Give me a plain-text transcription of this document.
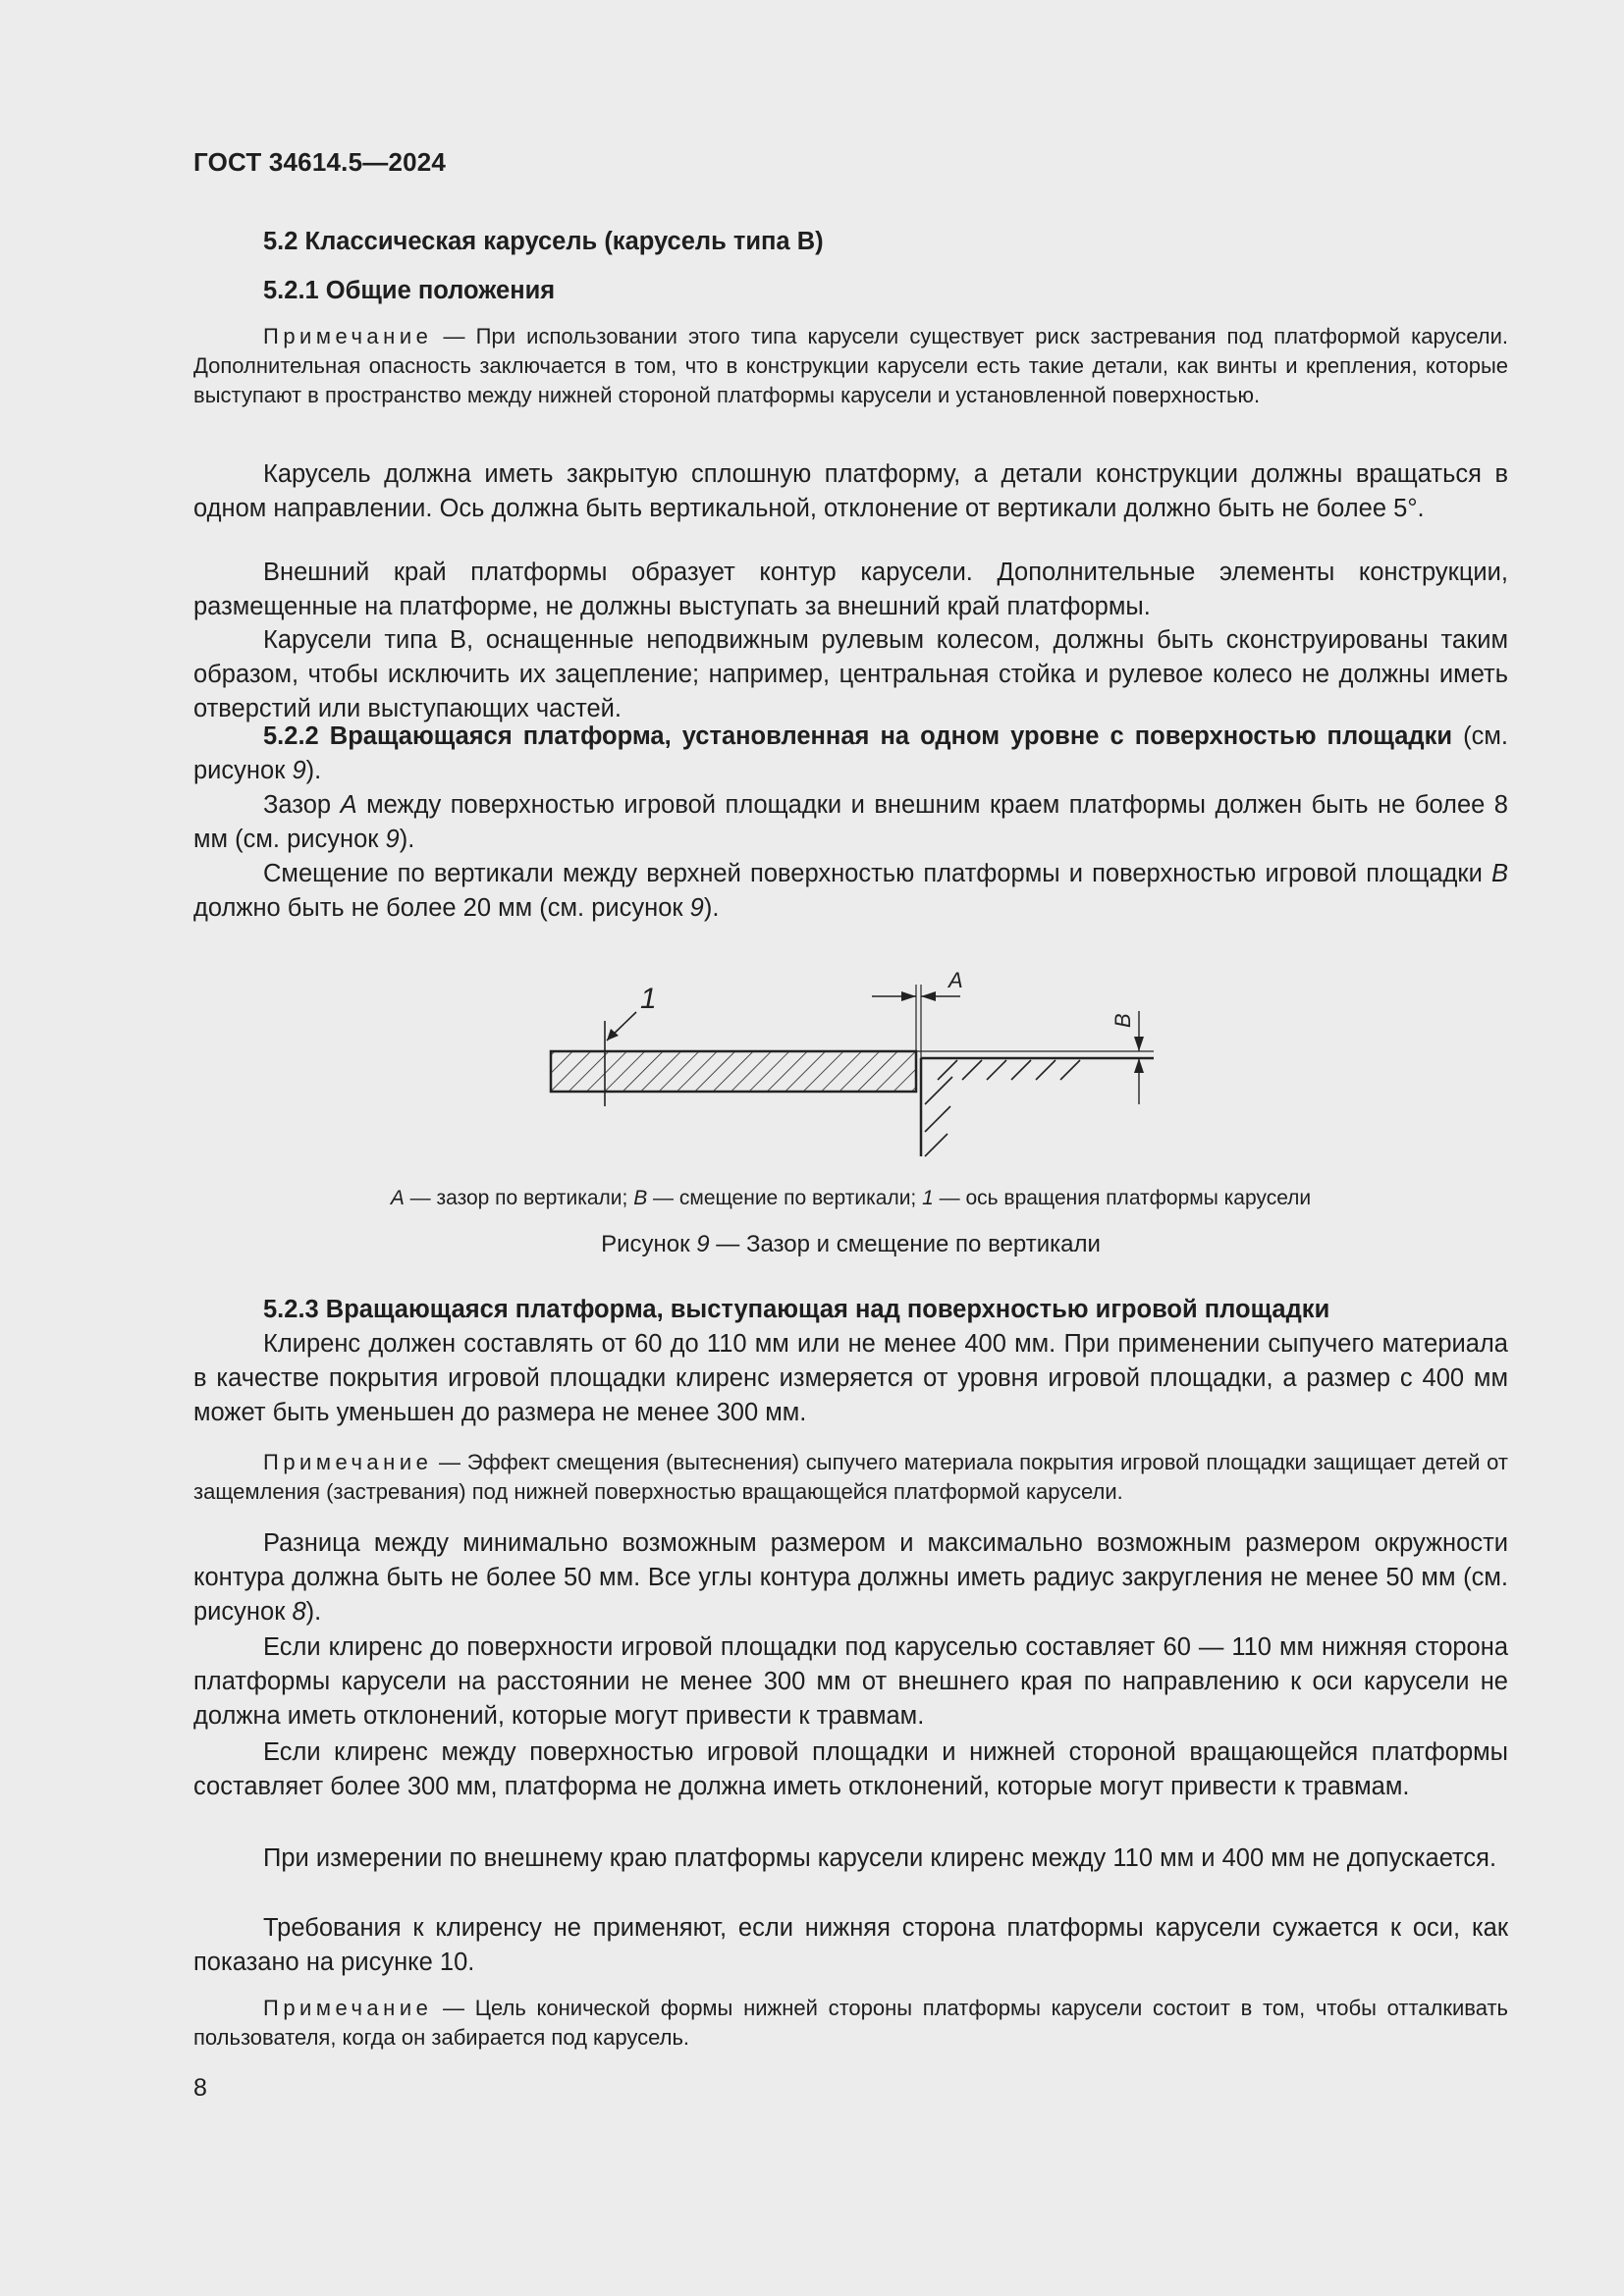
ГОСТ 34614.5—2024
5.2 Классическая карусель (карусель типа В)
5.2.1 Общие положения
Примечание — При использовании этого типа карусели существует риск застревания под платформой карусели. Дополнительная опасность заключается в том, что в конструкции карусели есть такие детали, как винты и крепления, которые выступают в пространство между нижней стороной платформы карусели и установленной поверхностью.
Карусель должна иметь закрытую сплошную платформу, а детали конструкции должны вращаться в одном направлении. Ось должна быть вертикальной, отклонение от вертикали должно быть не более 5°.
Внешний край платформы образует контур карусели. Дополнительные элементы конструкции, размещенные на платформе, не должны выступать за внешний край платформы.
Карусели типа В, оснащенные неподвижным рулевым колесом, должны быть сконструированы таким образом, чтобы исключить их зацепление; например, центральная стойка и рулевое колесо не должны иметь отверстий или выступающих частей.
5.2.2 Вращающаяся платформа, установленная на одном уровне с поверхностью площадки (см. рисунок 9).
Зазор A между поверхностью игровой площадки и внешним краем платформы должен быть не более 8 мм (см. рисунок 9).
Смещение по вертикали между верхней поверхностью платформы и поверхностью игровой площадки B должно быть не более 20 мм (см. рисунок 9).
1
A
B
A — зазор по вертикали; B — смещение по вертикали; 1 — ось вращения платформы карусели
Рисунок 9 — Зазор и смещение по вертикали
5.2.3 Вращающаяся платформа, выступающая над поверхностью игровой площадки
Клиренс должен составлять от 60 до 110 мм или не менее 400 мм. При применении сыпучего материала в качестве покрытия игровой площадки клиренс измеряется от уровня игровой площадки, а размер с 400 мм может быть уменьшен до размера не менее 300 мм.
Примечание — Эффект смещения (вытеснения) сыпучего материала покрытия игровой площадки защищает детей от защемления (застревания) под нижней поверхностью вращающейся платформой карусели.
Разница между минимально возможным размером и максимально возможным размером окружности контура должна быть не более 50 мм. Все углы контура должны иметь радиус закругления не менее 50 мм (см. рисунок 8).
Если клиренс до поверхности игровой площадки под каруселью составляет 60 — 110 мм нижняя сторона платформы карусели на расстоянии не менее 300 мм от внешнего края по направлению к оси карусели не должна иметь отклонений, которые могут привести к травмам.
Если клиренс между поверхностью игровой площадки и нижней стороной вращающейся платформы составляет более 300 мм, платформа не должна иметь отклонений, которые могут привести к травмам.
При измерении по внешнему краю платформы карусели клиренс между 110 мм и 400 мм не допускается.
Требования к клиренсу не применяют, если нижняя сторона платформы карусели сужается к оси, как показано на рисунке 10.
Примечание — Цель конической формы нижней стороны платформы карусели состоит в том, чтобы отталкивать пользователя, когда он забирается под карусель.
8
